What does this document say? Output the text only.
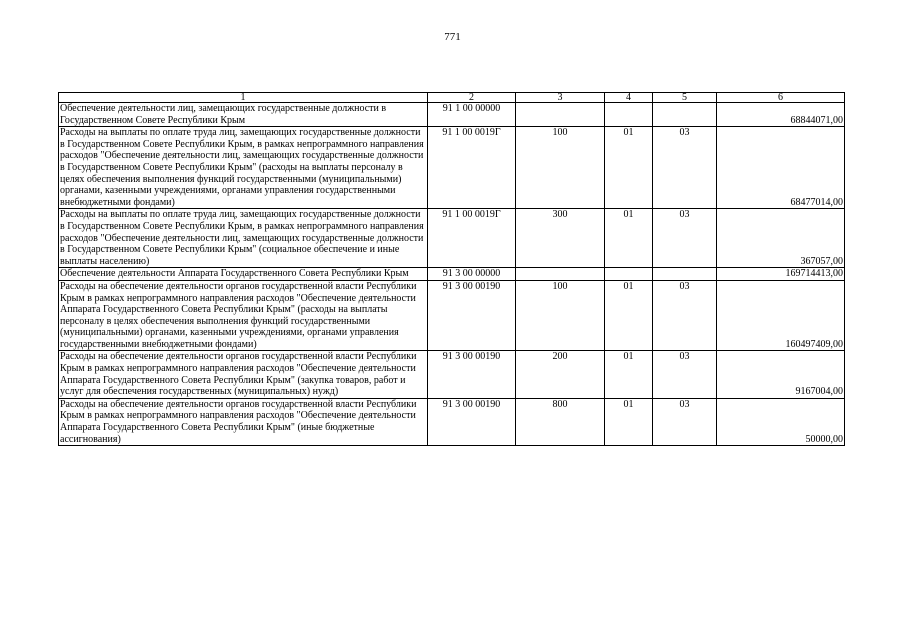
771
1	2	3	4	5	6
Обеспечение деятельности лиц, замещающих государственные должности в Государственном Совете Республики Крым	91 1 00 00000				68844071,00
Расходы на выплаты по оплате труда лиц, замещающих государственные должности в Государственном Совете Республики Крым, в рамках непрограммного направления расходов "Обеспечение деятельности лиц, замещающих государственные должности в Государственном Совете Республики Крым" (расходы на выплаты персоналу в целях обеспечения выполнения функций государственными (муниципальными) органами, казенными учреждениями, органами управления государственными внебюджетными фондами)	91 1 00 0019Г	100	01	03	68477014,00
Расходы на выплаты по оплате труда лиц, замещающих государственные должности в Государственном Совете Республики Крым, в рамках непрограммного направления расходов "Обеспечение деятельности лиц, замещающих государственные должности в Государственном Совете Республики Крым" (социальное обеспечение и иные выплаты населению)	91 1 00 0019Г	300	01	03	367057,00
Обеспечение деятельности Аппарата Государственного Совета Республики Крым	91 3 00 00000				169714413,00
Расходы на обеспечение деятельности органов государственной власти Республики Крым в рамках непрограммного направления расходов "Обеспечение деятельности Аппарата Государственного Совета Республики Крым" (расходы на выплаты персоналу в целях обеспечения выполнения функций государственными (муниципальными) органами, казенными учреждениями, органами управления государственными внебюджетными фондами)	91 3 00 00190	100	01	03	160497409,00
Расходы на обеспечение деятельности органов государственной власти Республики Крым в рамках непрограммного направления расходов "Обеспечение деятельности Аппарата Государственного Совета Республики Крым" (закупка товаров, работ и услуг для обеспечения государственных (муниципальных) нужд)	91 3 00 00190	200	01	03	9167004,00
Расходы на обеспечение деятельности органов государственной власти Республики Крым в рамках непрограммного направления расходов "Обеспечение деятельности Аппарата Государственного Совета Республики Крым" (иные бюджетные ассигнования)	91 3 00 00190	800	01	03	50000,00
